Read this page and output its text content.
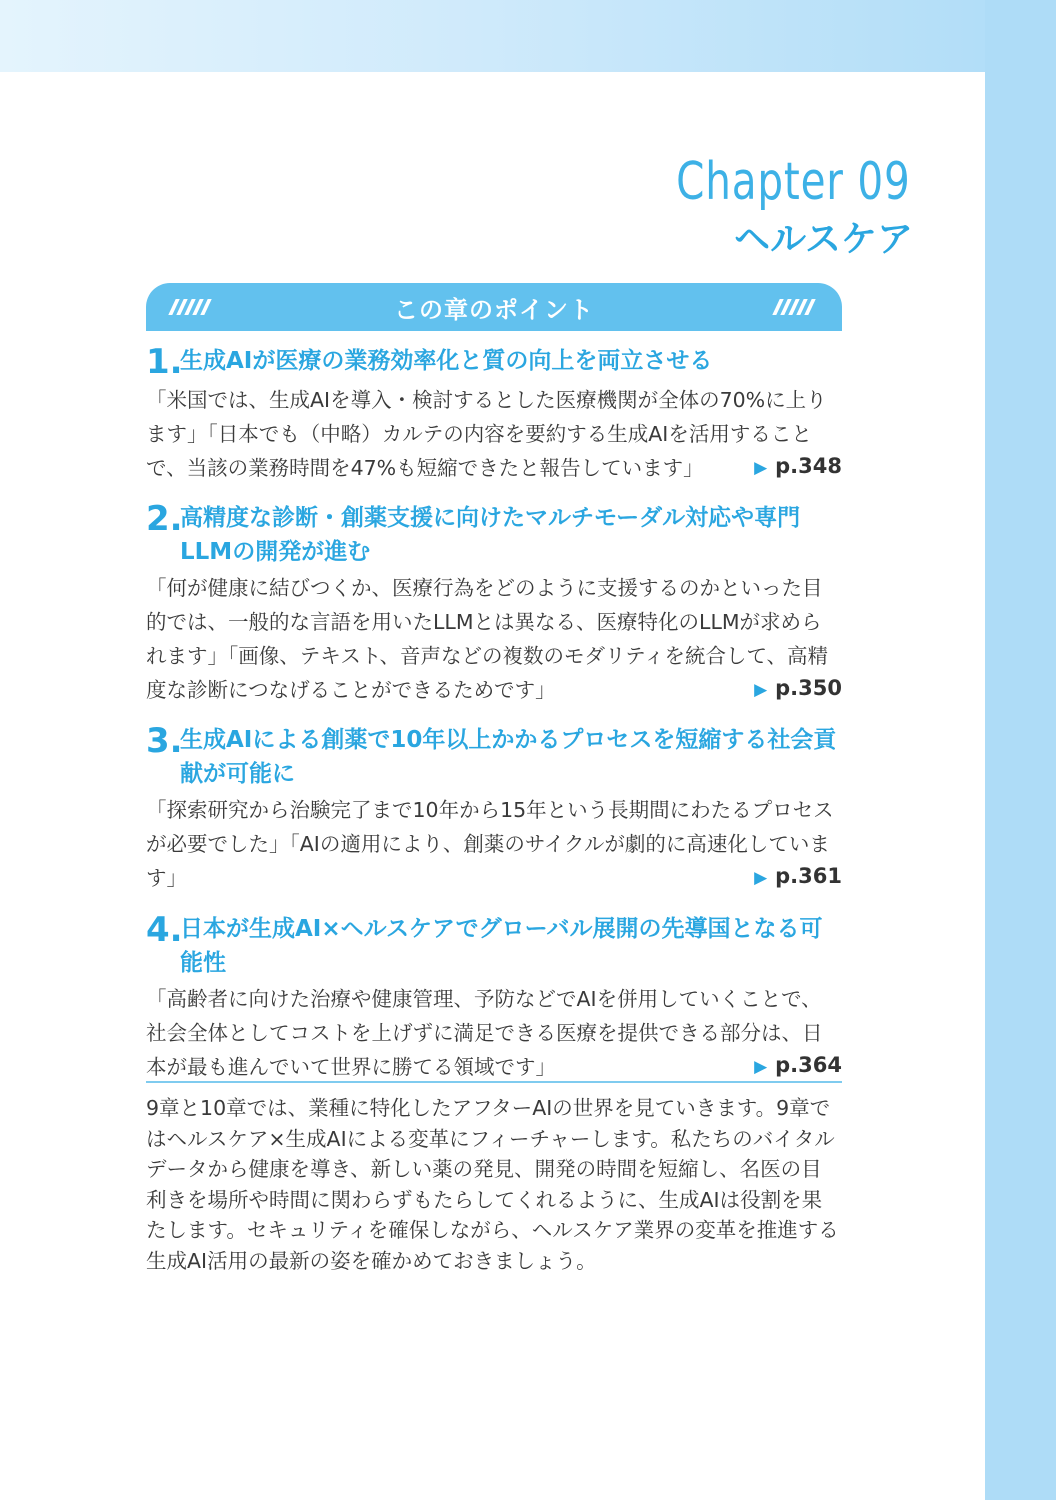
Chapter 09
ヘルスケア
この章のポイント
1.
生成AIが医療の業務効率化と質の向上を両立させる
「米国では、生成AIを導入・検討するとした医療機関が全体の70%に上ります」「日本でも（中略）カルテの内容を要約する生成AIを活用することで、当該の業務時間を47%も短縮できたと報告しています」	▶ p.348
2.
高精度な診断・創薬支援に向けたマルチモーダル対応や専門LLMの開発が進む
「何が健康に結びつくか、医療行為をどのように支援するのかといった目的では、一般的な言語を用いたLLMとは異なる、医療特化のLLMが求められます」「画像、テキスト、音声などの複数のモダリティを統合して、高精度な診断につなげることができるためです」	▶ p.350
3.
生成AIによる創薬で10年以上かかるプロセスを短縮する社会貢献が可能に
「探索研究から治験完了まで10年から15年という長期間にわたるプロセスが必要でした」「AIの適用により、創薬のサイクルが劇的に高速化しています」	▶ p.361
4.
日本が生成AI×ヘルスケアでグローバル展開の先導国となる可能性
「高齢者に向けた治療や健康管理、予防などでAIを併用していくことで、社会全体としてコストを上げずに満足できる医療を提供できる部分は、日本が最も進んでいて世界に勝てる領域です」	▶ p.364
9章と10章では、業種に特化したアフターAIの世界を見ていきます。9章ではヘルスケア×生成AIによる変革にフィーチャーします。私たちのバイタルデータから健康を導き、新しい薬の発見、開発の時間を短縮し、名医の目利きを場所や時間に関わらずもたらしてくれるように、生成AIは役割を果たします。セキュリティを確保しながら、ヘルスケア業界の変革を推進する生成AI活用の最新の姿を確かめておきましょう。
